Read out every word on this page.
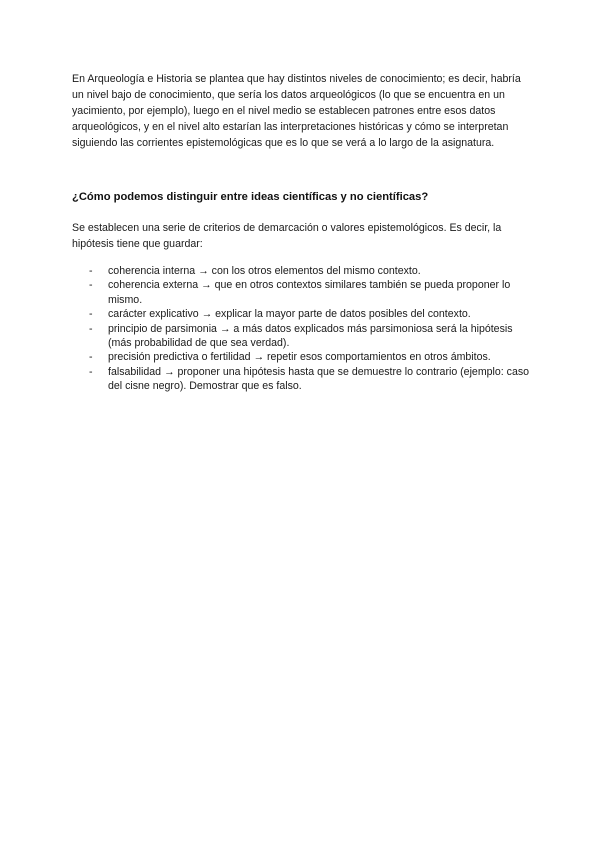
En Arqueología e Historia se plantea que hay distintos niveles de conocimiento; es decir, habría un nivel bajo de conocimiento, que sería los datos arqueológicos (lo que se encuentra en un yacimiento, por ejemplo), luego en el nivel medio se establecen patrones entre esos datos arqueológicos, y en el nivel alto estarían las interpretaciones históricas y cómo se interpretan siguiendo las corrientes epistemológicas que es lo que se verá a lo largo de la asignatura.

¿Cómo podemos distinguir entre ideas científicas y no científicas?

Se establecen una serie de criterios de demarcación o valores epistemológicos. Es decir, la hipótesis tiene que guardar:

- coherencia interna → con los otros elementos del mismo contexto.
- coherencia externa → que en otros contextos similares también se pueda proponer lo mismo.
- carácter explicativo → explicar la mayor parte de datos posibles del contexto.
- principio de parsimonia → a más datos explicados más parsimoniosa será la hipótesis (más probabilidad de que sea verdad).
- precisión predictiva o fertilidad → repetir esos comportamientos en otros ámbitos.
- falsabilidad → proponer una hipótesis hasta que se demuestre lo contrario (ejemplo: caso del cisne negro). Demostrar que es falso.
